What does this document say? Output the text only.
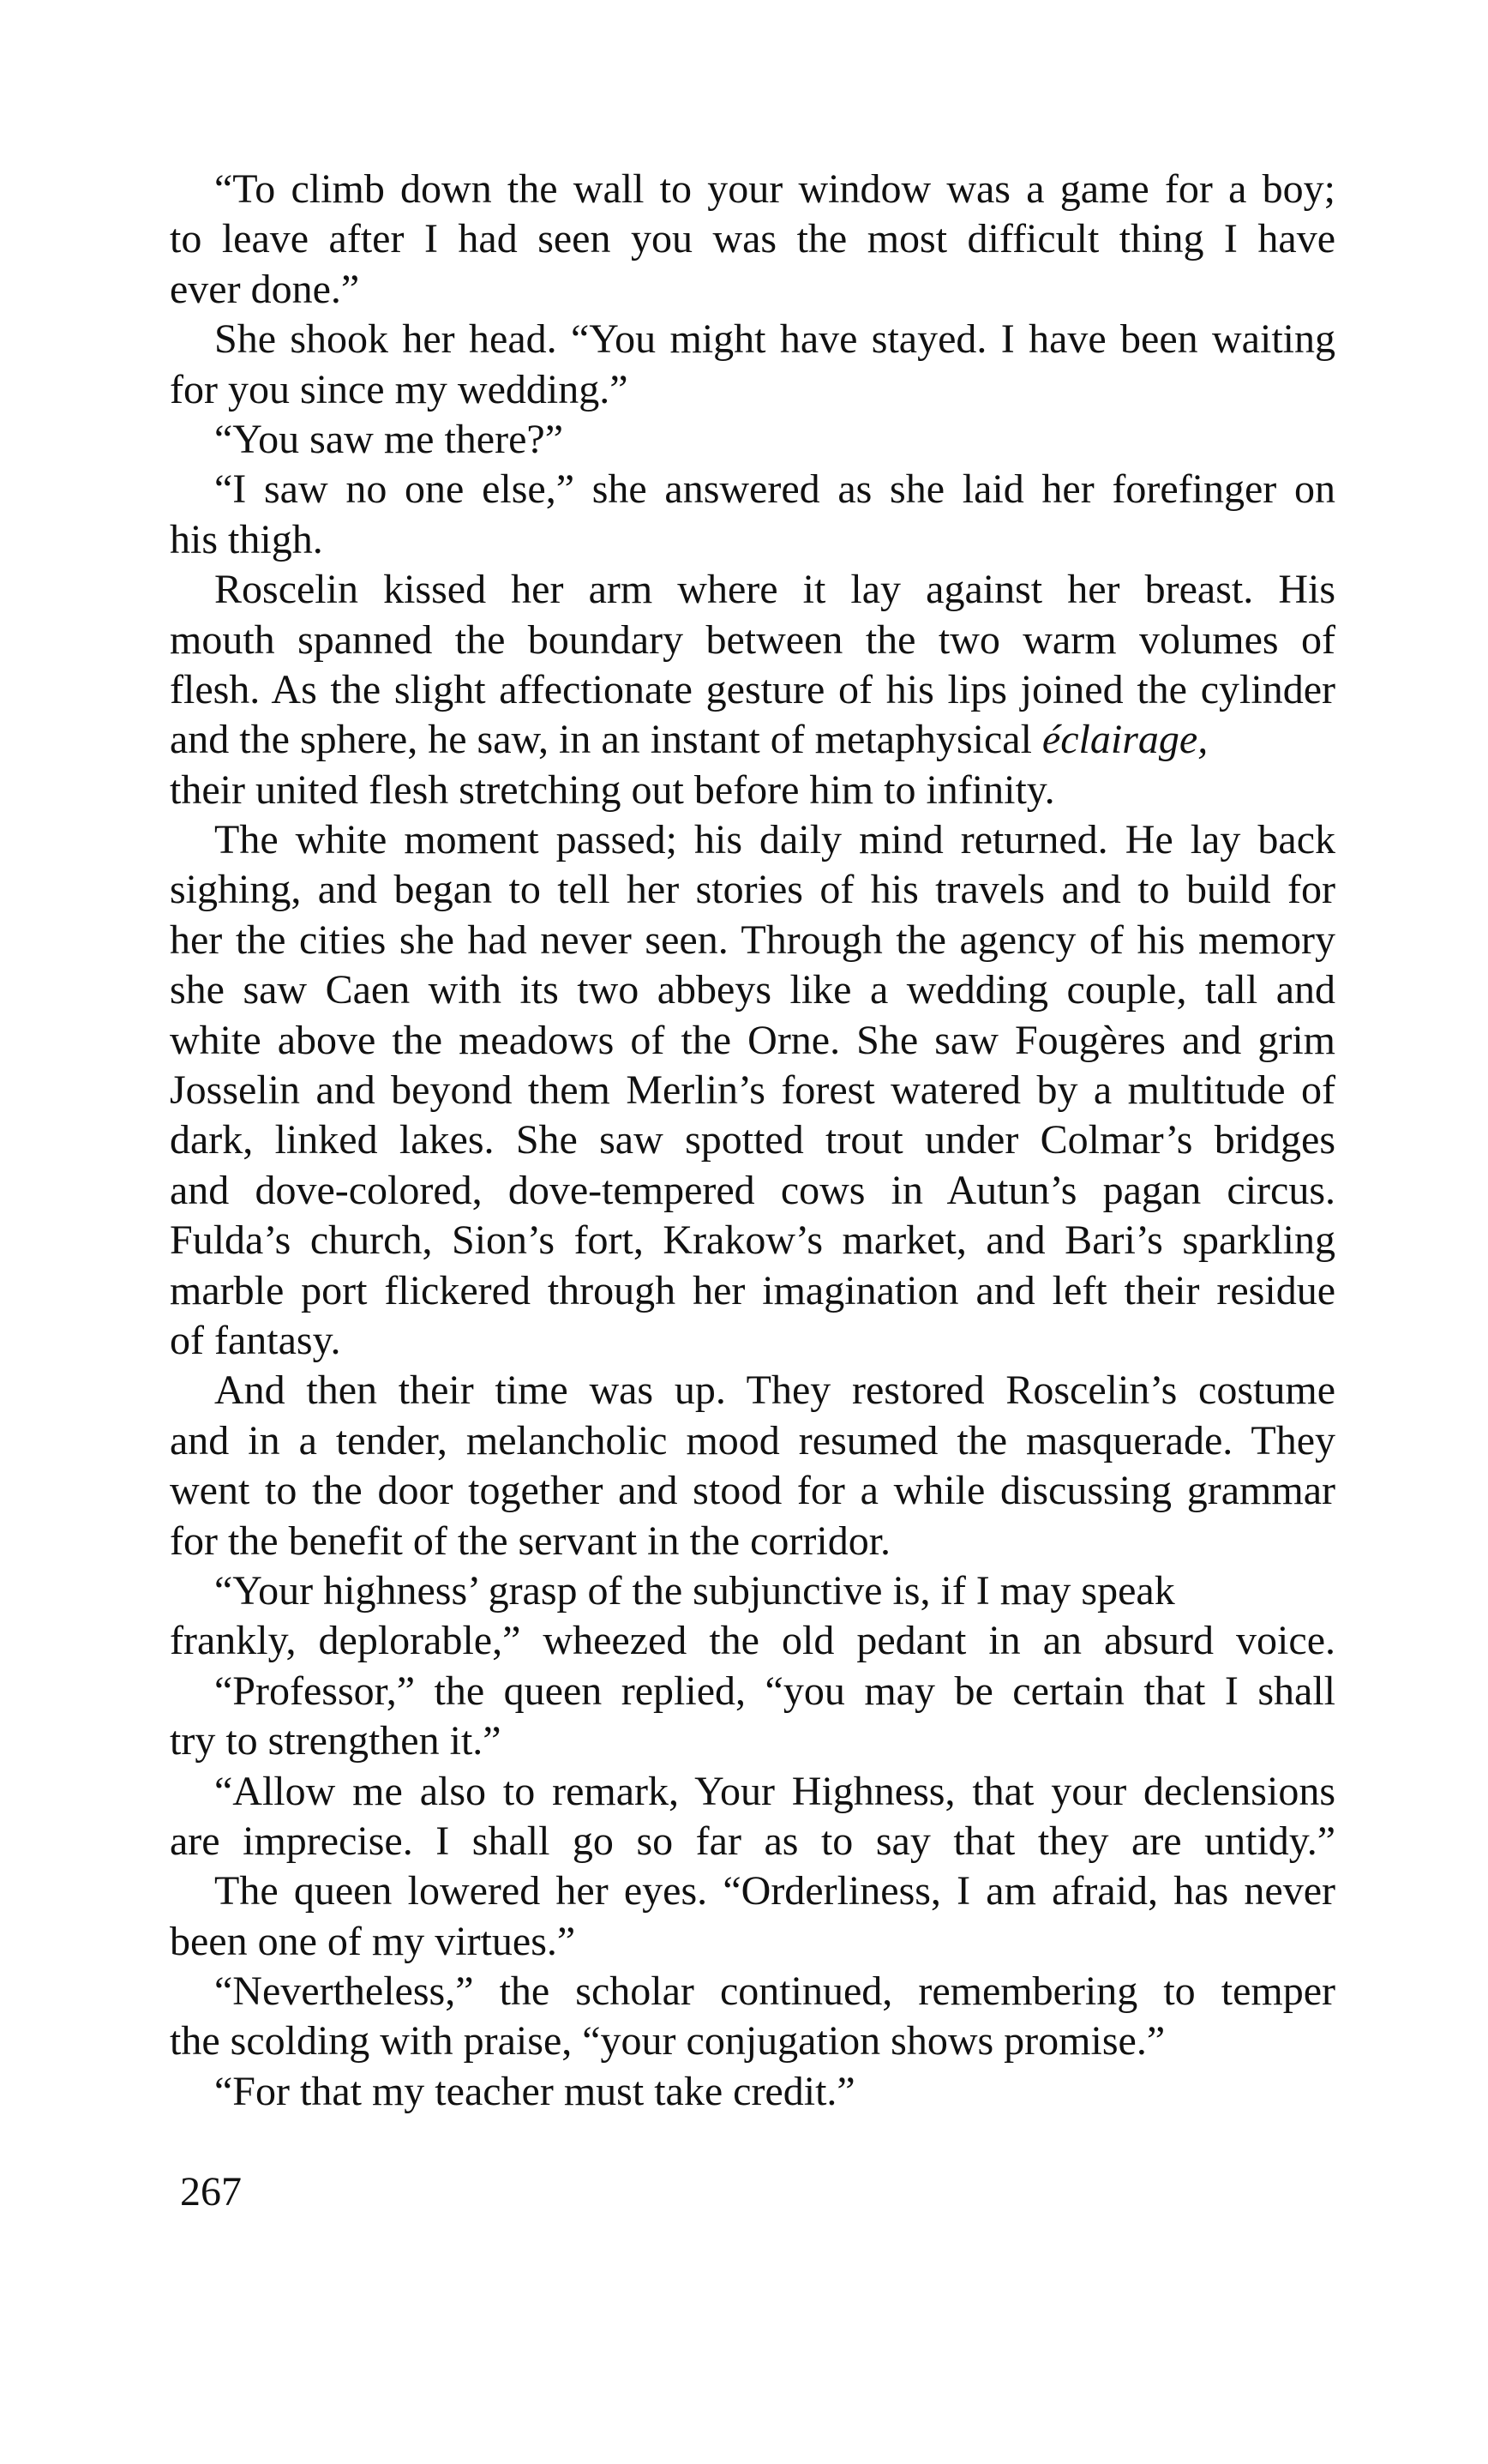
“To climb down the wall to your window was a game for a boy;
to leave after I had seen you was the most difficult thing I have
ever done.”
She shook her head. “You might have stayed. I have been waiting
for you since my wedding.”
“You saw me there?”
“I saw no one else,” she answered as she laid her forefinger on
his thigh.
Roscelin kissed her arm where it lay against her breast. His
mouth spanned the boundary between the two warm volumes of
flesh. As the slight affectionate gesture of his lips joined the cylinder
and the sphere, he saw, in an instant of metaphysical éclairage,
their united flesh stretching out before him to infinity.
The white moment passed; his daily mind returned. He lay back
sighing, and began to tell her stories of his travels and to build for
her the cities she had never seen. Through the agency of his memory
she saw Caen with its two abbeys like a wedding couple, tall and
white above the meadows of the Orne. She saw Fougères and grim
Josselin and beyond them Merlin’s forest watered by a multitude of
dark, linked lakes. She saw spotted trout under Colmar’s bridges
and dove-colored, dove-tempered cows in Autun’s pagan circus.
Fulda’s church, Sion’s fort, Krakow’s market, and Bari’s sparkling
marble port flickered through her imagination and left their residue
of fantasy.
And then their time was up. They restored Roscelin’s costume
and in a tender, melancholic mood resumed the masquerade. They
went to the door together and stood for a while discussing grammar
for the benefit of the servant in the corridor.
“Your highness’ grasp of the subjunctive is, if I may speak
frankly, deplorable,” wheezed the old pedant in an absurd voice.
“Professor,” the queen replied, “you may be certain that I shall
try to strengthen it.”
“Allow me also to remark, Your Highness, that your declensions
are imprecise. I shall go so far as to say that they are untidy.”
The queen lowered her eyes. “Orderliness, I am afraid, has never
been one of my virtues.”
“Nevertheless,” the scholar continued, remembering to temper
the scolding with praise, “your conjugation shows promise.”
“For that my teacher must take credit.”
267
